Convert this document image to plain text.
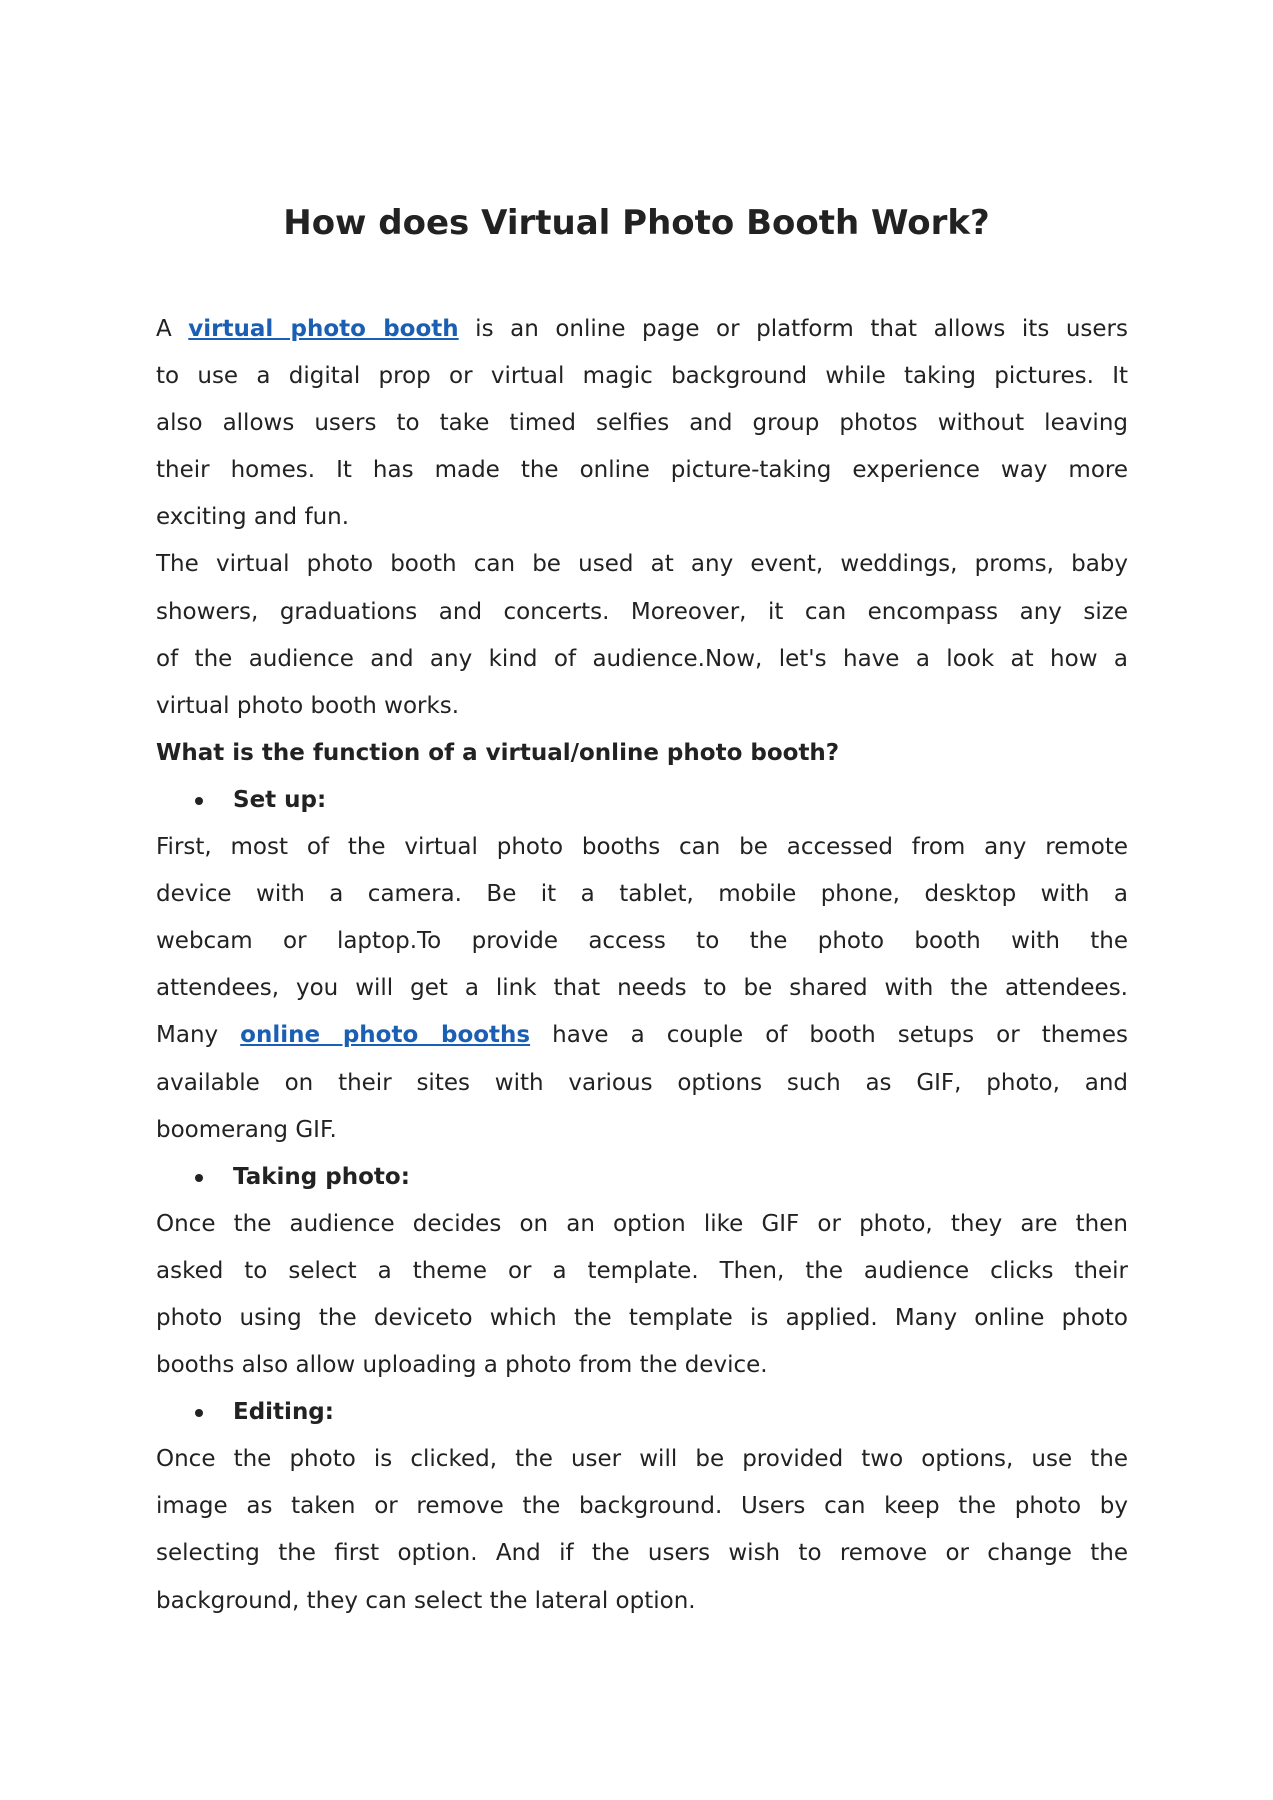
How does Virtual Photo Booth Work?
A virtual photo booth is an online page or platform that allows its users
to use a digital prop or virtual magic background while taking pictures. It
also allows users to take timed selfies and group photos without leaving
their homes. It has made the online picture-taking experience way more
exciting and fun.
The virtual photo booth can be used at any event, weddings, proms, baby
showers, graduations and concerts. Moreover, it can encompass any size
of the audience and any kind of audience.Now, let's have a look at how a
virtual photo booth works.
What is the function of a virtual/online photo booth?
Set up:
First, most of the virtual photo booths can be accessed from any remote
device with a camera. Be it a tablet, mobile phone, desktop with a
webcam or laptop.To provide access to the photo booth with the
attendees, you will get a link that needs to be shared with the attendees.
Many online photo booths have a couple of booth setups or themes
available on their sites with various options such as GIF, photo, and
boomerang GIF.
Taking photo:
Once the audience decides on an option like GIF or photo, they are then
asked to select a theme or a template. Then, the audience clicks their
photo using the deviceto which the template is applied. Many online photo
booths also allow uploading a photo from the device.
Editing:
Once the photo is clicked, the user will be provided two options, use the
image as taken or remove the background. Users can keep the photo by
selecting the first option. And if the users wish to remove or change the
background, they can select the lateral option.
